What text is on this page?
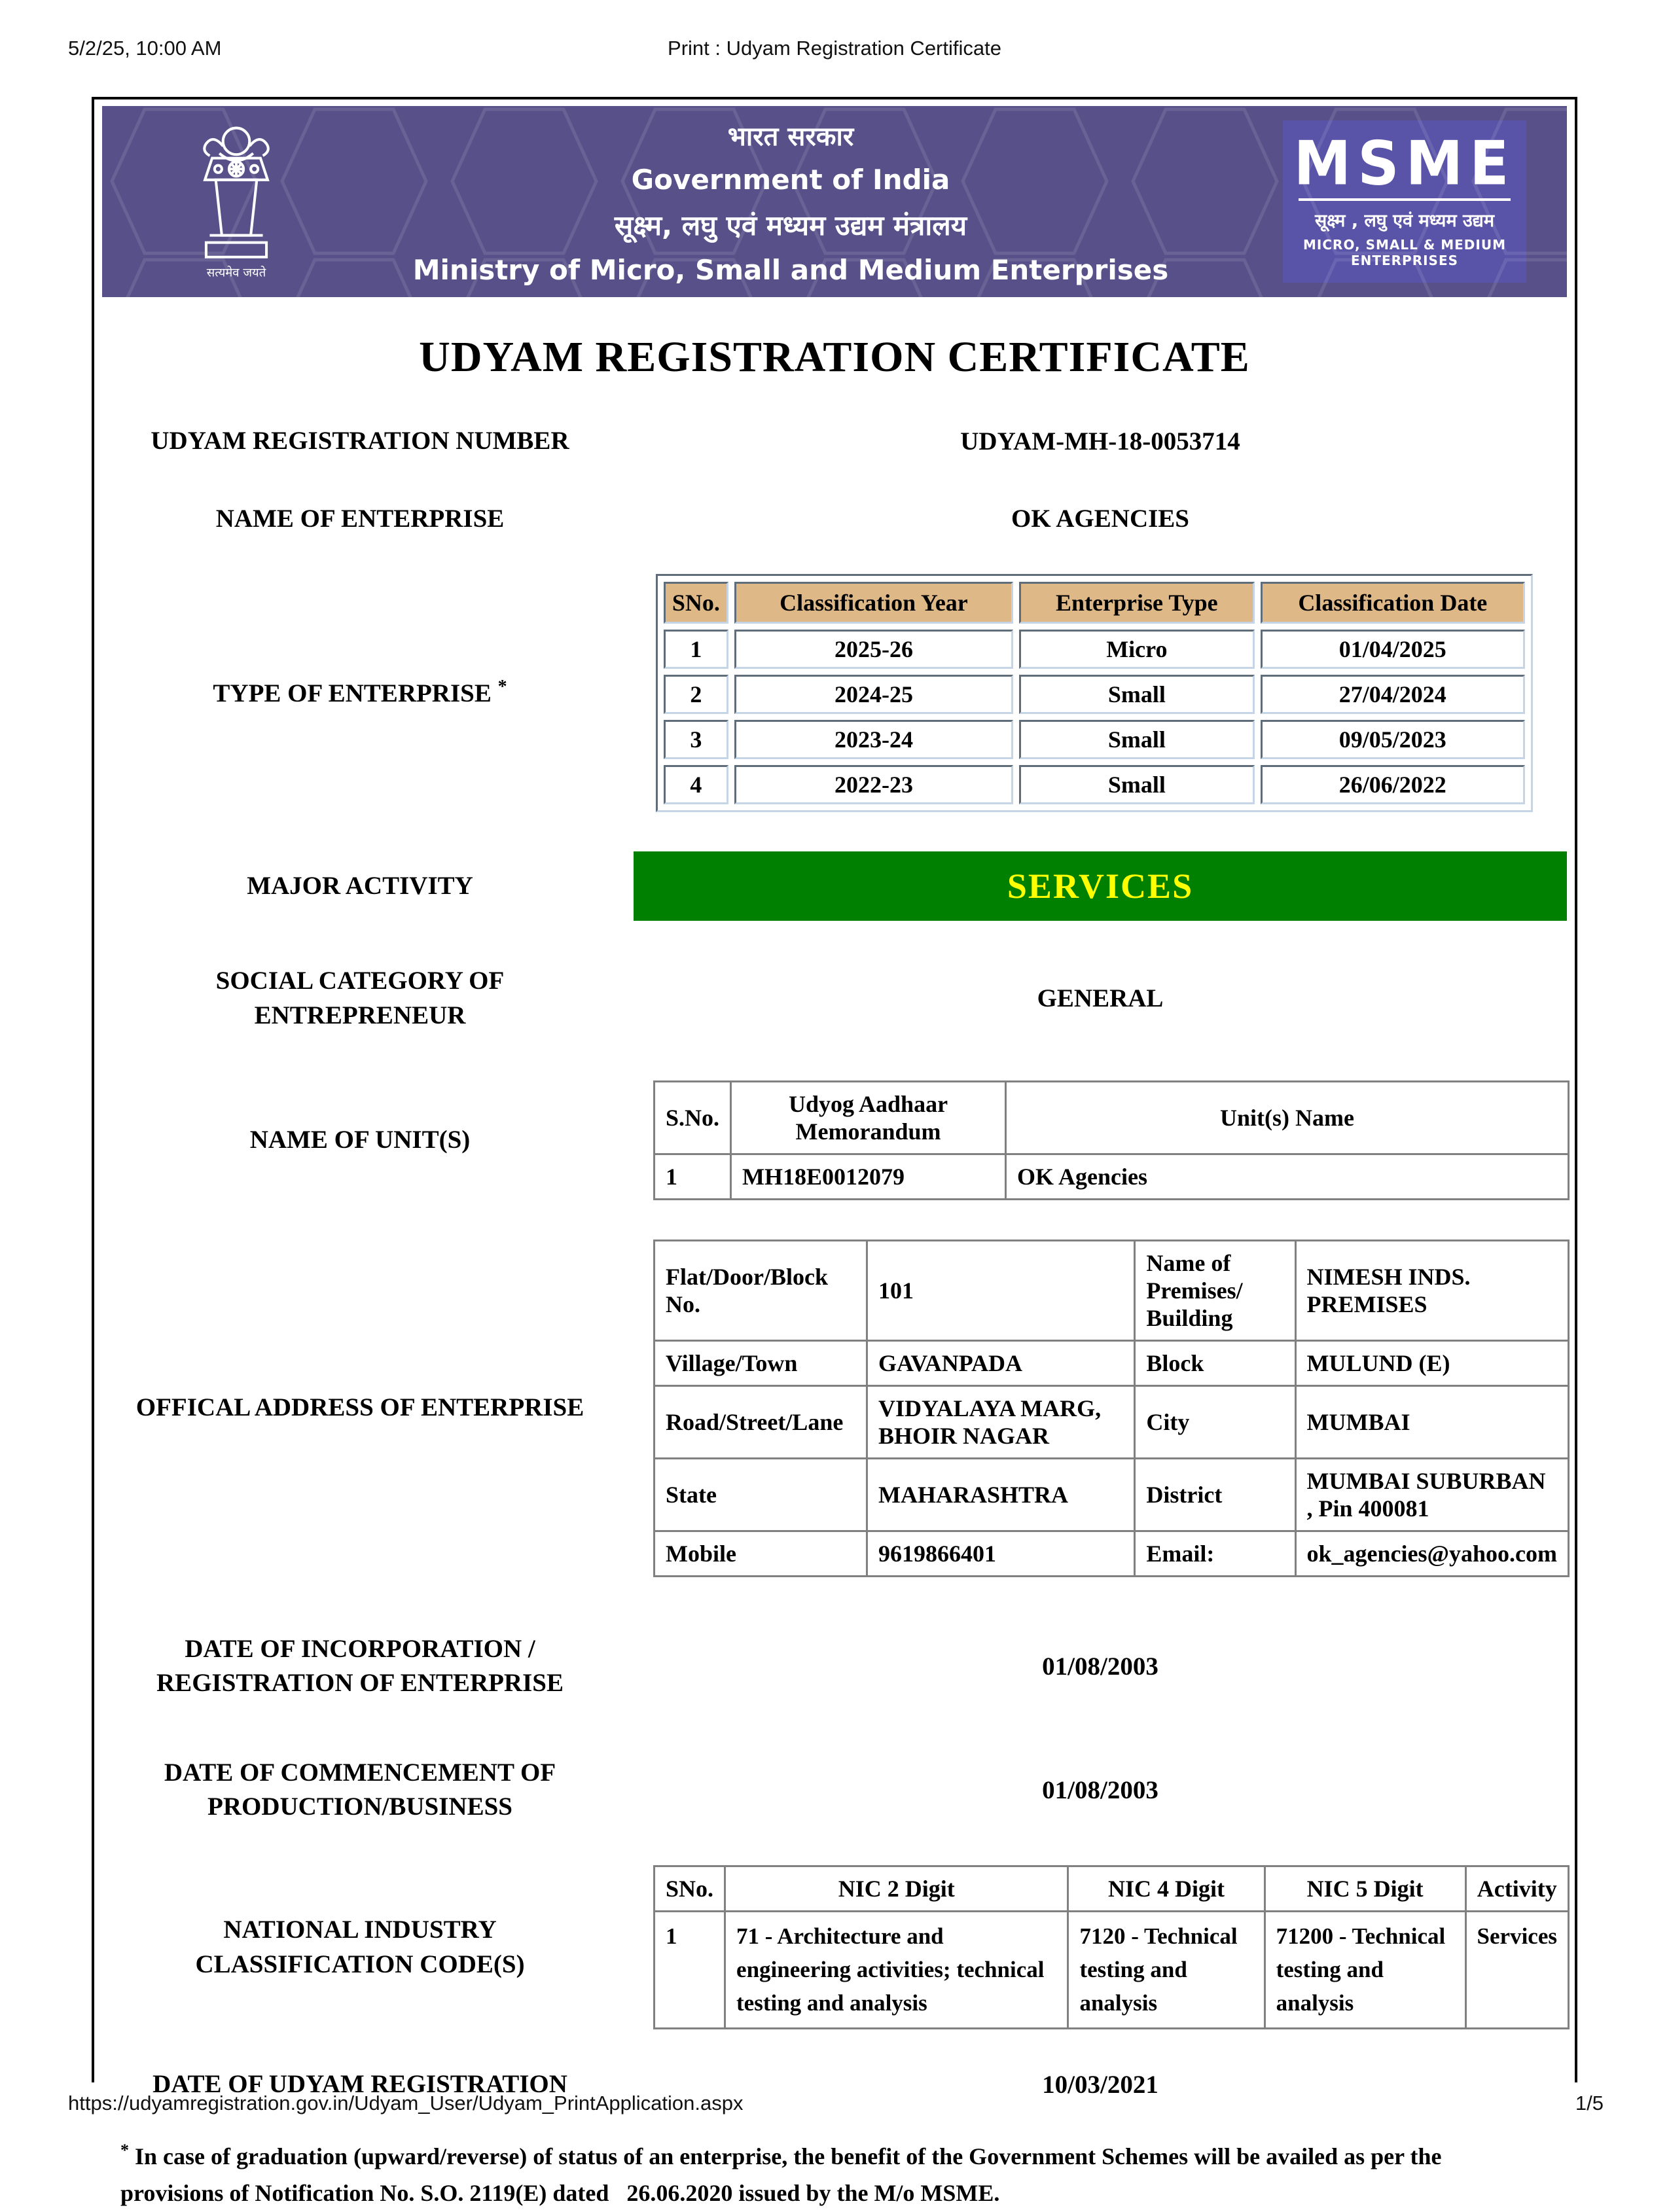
5/2/25, 10:00 AM	Print : Udyam Registration Certificate
MSME
UDYAM REGISTRATION CERTIFICATE
UDYAM REGISTRATION NUMBER	UDYAM-MH-18-0053714
NAME OF ENTERPRISE	OK AGENCIES
TYPE OF ENTERPRISE *
SNo.	Classification Year	Enterprise Type	Classification Date
1	2025-26	Micro	01/04/2025
2	2024-25	Small	27/04/2024
3	2023-24	Small	09/05/2023
4	2022-23	Small	26/06/2022
MAJOR ACTIVITY	SERVICES
SOCIAL CATEGORY OF ENTREPRENEUR
GENERAL
NAME OF UNIT(S)
S.No.	Udyog Aadhaar Memorandum	Unit(s) Name
1	MH18E0012079	OK Agencies
OFFICAL ADDRESS OF ENTERPRISE
Flat/Door/Block No.	101	Name of Premises/ Building	NIMESH INDS. PREMISES
Village/Town	GAVANPADA	Block	MULUND (E)
Road/Street/Lane	VIDYALAYA MARG, BHOIR NAGAR	City	MUMBAI
State	MAHARASHTRA	District	MUMBAI SUBURBAN , Pin 400081
Mobile	9619866401	Email:	ok_agencies@yahoo.com
DATE OF INCORPORATION / REGISTRATION OF ENTERPRISE
01/08/2003
DATE OF COMMENCEMENT OF PRODUCTION/BUSINESS
01/08/2003
NATIONAL INDUSTRY CLASSIFICATION CODE(S)
SNo.	NIC 2 Digit	NIC 4 Digit	NIC 5 Digit	Activity
1	71 - Architecture and engineering activities; technical testing and analysis	7120 - Technical testing and analysis	71200 - Technical testing and analysis	Services
DATE OF UDYAM REGISTRATION	10/03/2021
* In case of graduation (upward/reverse) of status of an enterprise, the benefit of the Government Schemes will be availed as per the provisions of Notification No. S.O. 2119(E) dated   26.06.2020 issued by the M/o MSME.
https://udyamregistration.gov.in/Udyam_User/Udyam_PrintApplication.aspx	1/5
